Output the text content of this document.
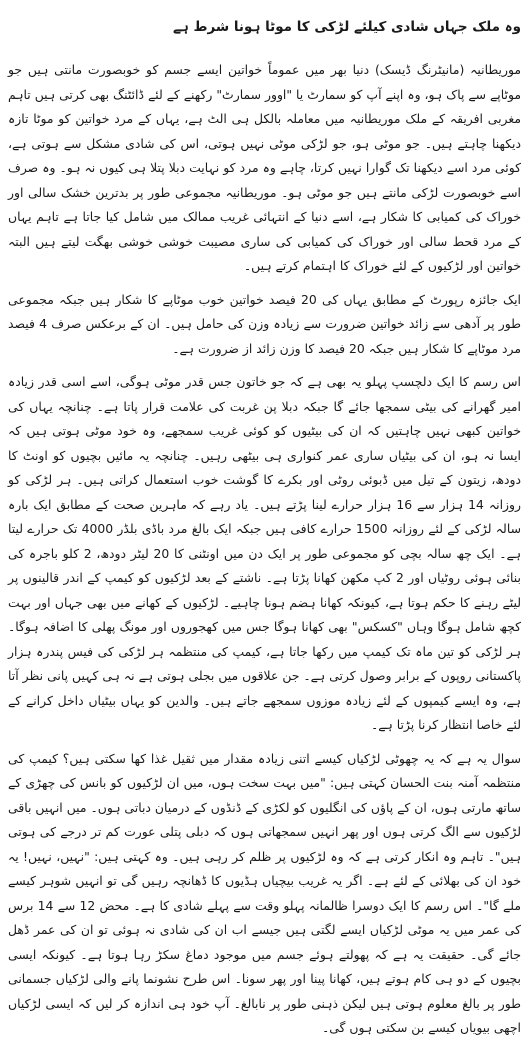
وہ ملک جہاں شادی کیلئے لڑکی کا موٹا ہونا شرط ہے

موریطانیہ (مانیٹرنگ ڈیسک) دنیا بھر میں عموماً خواتین ایسے جسم کو خوبصورت مانتی ہیں جو موٹاپے سے پاک ہو، وہ اپنے آپ کو سمارٹ یا "اوور سمارٹ" رکھنے کے لئے ڈائٹنگ بھی کرتی ہیں تاہم مغربی افریقہ کے ملک موریطانیہ میں معاملہ بالکل ہی الٹ ہے، یہاں کے مرد خواتین کو موٹا تازہ دیکھنا چاہتے ہیں۔ جو موٹی ہو، جو لڑکی موٹی نہیں ہوتی، اس کی شادی مشکل سے ہوتی ہے، کوئی مرد اسے دیکھنا تک گوارا نہیں کرتا، چاہے وہ مرد کو نہایت دبلا پتلا ہی کیوں نہ ہو۔ وہ صرف اسے خوبصورت لڑکی مانتے ہیں جو موٹی ہو۔ موریطانیہ مجموعی طور پر بدترین خشک سالی اور خوراک کی کمیابی کا شکار ہے، اسے دنیا کے انتہائی غریب ممالک میں شامل کیا جاتا ہے تاہم یہاں کے مرد قحط سالی اور خوراک کی کمیابی کی ساری مصیبت خوشی خوشی بھگت لیتے ہیں البتہ خواتین اور لڑکیوں کے لئے خوراک کا اہتمام کرتے ہیں۔

ایک جائزہ رپورٹ کے مطابق یہاں کی 20 فیصد خواتین خوب موٹاپے کا شکار ہیں جبکہ مجموعی طور پر آدھی سے زائد خواتین ضرورت سے زیادہ وزن کی حامل ہیں۔ ان کے برعکس صرف 4 فیصد مرد موٹاپے کا شکار ہیں جبکہ 20 فیصد کا وزن زائد از ضرورت ہے۔

اس رسم کا ایک دلچسپ پہلو یہ بھی ہے کہ جو خاتون جس قدر موٹی ہوگی، اسے اسی قدر زیادہ امیر گھرانے کی بیٹی سمجھا جائے گا جبکہ دبلا پن غربت کی علامت قرار پاتا ہے۔ چنانچہ یہاں کی خواتین کبھی نہیں چاہتیں کہ ان کی بیٹیوں کو کوئی غریب سمجھے، وہ خود موٹی ہوتی ہیں کہ ایسا نہ ہو، ان کی بیٹیاں ساری عمر کنواری ہی بیٹھی رہیں۔ چنانچہ یہ مائیں بچیوں کو اونٹ کا دودھ، زیتون کے تیل میں ڈبوئی روٹی اور بکرے کا گوشت خوب استعمال کراتی ہیں۔ ہر لڑکی کو روزانہ 14 ہزار سے 16 ہزار حرارے لینا پڑتے ہیں۔ یاد رہے کہ ماہرین صحت کے مطابق ایک بارہ سالہ لڑکی کے لئے روزانہ 1500 حرارے کافی ہیں جبکہ ایک بالغ مرد باڈی بلڈر 4000 تک حرارے لیتا ہے۔ ایک چھ سالہ بچی کو مجموعی طور پر ایک دن میں اونٹنی کا 20 لیٹر دودھ، 2 کلو باجرہ کی بنائی ہوئی روٹیاں اور 2 کپ مکھن کھانا پڑتا ہے۔ ناشتے کے بعد لڑکیوں کو کیمپ کے اندر قالینوں پر لیٹے رہنے کا حکم ہوتا ہے، کیونکہ کھانا ہضم ہونا چاہیے۔ لڑکیوں کے کھانے میں بھی جہاں اور بہت کچھ شامل ہوگا وہاں "کسکس" بھی کھانا ہوگا جس میں کھجوروں اور مونگ پھلی کا اضافہ ہوگا۔ ہر لڑکی کو تین ماہ تک کیمپ میں رکھا جاتا ہے، کیمپ کی منتظمہ ہر لڑکی کی فیس پندرہ ہزار پاکستانی روپوں کے برابر وصول کرتی ہے۔ جن علاقوں میں بجلی ہوتی ہے نہ ہی کہیں پانی نظر آتا ہے، وہ ایسے کیمپوں کے لئے زیادہ موزوں سمجھے جاتے ہیں۔ والدین کو یہاں بیٹیاں داخل کرانے کے لئے خاصا انتظار کرنا پڑتا ہے۔

سوال یہ ہے کہ یہ چھوٹی لڑکیاں کیسے اتنی زیادہ مقدار میں ثقیل غذا کھا سکتی ہیں؟ کیمپ کی منتظمہ آمنہ بنت الحسان کہتی ہیں: "میں بہت سخت ہوں، میں ان لڑکیوں کو بانس کی چھڑی کے ساتھ مارتی ہوں، ان کے پاؤں کی انگلیوں کو لکڑی کے ڈنڈوں کے درمیان دباتی ہوں۔ میں انہیں باقی لڑکیوں سے الگ کرتی ہوں اور پھر انہیں سمجھاتی ہوں کہ دبلی پتلی عورت کم تر درجے کی ہوتی ہیں"۔ تاہم وہ انکار کرتی ہے کہ وہ لڑکیوں پر ظلم کر رہی ہیں۔ وہ کہتی ہیں: "نہیں، نہیں! یہ خود ان کی بھلائی کے لئے ہے۔ اگر یہ غریب بیچیاں ہڈیوں کا ڈھانچہ رہیں گی تو انہیں شوہر کیسے ملے گا"۔ اس رسم کا ایک دوسرا ظالمانہ پہلو وقت سے پہلے شادی کا ہے۔ محض 12 سے 14 برس کی عمر میں یہ موٹی لڑکیاں ایسے لگتی ہیں جیسے اب ان کی شادی نہ ہوئی تو ان کی عمر ڈھل جائے گی۔ حقیقت یہ ہے کہ پھولتے ہوئے جسم میں موجود دماغ سکڑ رہا ہوتا ہے۔ کیونکہ ایسی بچیوں کے دو ہی کام ہوتے ہیں، کھانا پینا اور پھر سونا۔ اس طرح نشونما پانے والی لڑکیاں جسمانی طور پر بالغ معلوم ہوتی ہیں لیکن ذہنی طور پر نابالغ۔ آپ خود ہی اندازہ کر لیں کہ ایسی لڑکیاں اچھی بیویاں کیسے بن سکتی ہوں گی۔
